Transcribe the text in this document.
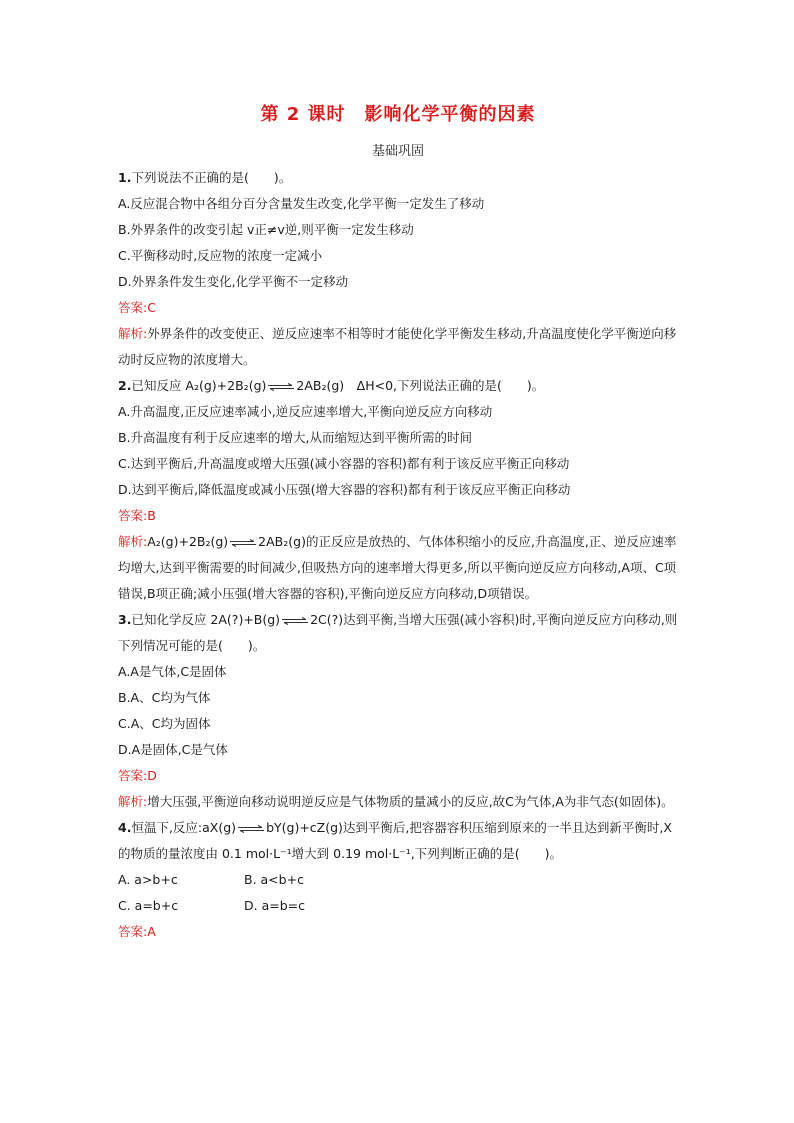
第 2 课时　影响化学平衡的因素
基础巩固
1.下列说法不正确的是(　　)。
A.反应混合物中各组分百分含量发生改变,化学平衡一定发生了移动
B.外界条件的改变引起 v正≠v逆,则平衡一定发生移动
C.平衡移动时,反应物的浓度一定减小
D.外界条件发生变化,化学平衡不一定移动
答案:C
解析:外界条件的改变使正、逆反应速率不相等时才能使化学平衡发生移动,升高温度使化学平衡逆向移动时反应物的浓度增大。
2.已知反应 A₂(g)+2B₂(g)⇌2AB₂(g)　ΔH<0,下列说法正确的是(　　)。
A.升高温度,正反应速率减小,逆反应速率增大,平衡向逆反应方向移动
B.升高温度有利于反应速率的增大,从而缩短达到平衡所需的时间
C.达到平衡后,升高温度或增大压强(减小容器的容积)都有利于该反应平衡正向移动
D.达到平衡后,降低温度或减小压强(增大容器的容积)都有利于该反应平衡正向移动
答案:B
解析:A₂(g)+2B₂(g)⇌2AB₂(g)的正反应是放热的、气体体积缩小的反应,升高温度,正、逆反应速率均增大,达到平衡需要的时间减少,但吸热方向的速率增大得更多,所以平衡向逆反应方向移动,A项、C项错误,B项正确;减小压强(增大容器的容积),平衡向逆反应方向移动,D项错误。
3.已知化学反应 2A(?)+B(g)⇌2C(?)达到平衡,当增大压强(减小容积)时,平衡向逆反应方向移动,则下列情况可能的是(　　)。
A.A是气体,C是固体
B.A、C均为气体
C.A、C均为固体
D.A是固体,C是气体
答案:D
解析:增大压强,平衡逆向移动说明逆反应是气体物质的量减小的反应,故C为气体,A为非气态(如固体)。
4.恒温下,反应:aX(g)⇌bY(g)+cZ(g)达到平衡后,把容器容积压缩到原来的一半且达到新平衡时,X的物质的量浓度由 0.1 mol·L⁻¹增大到 0.19 mol·L⁻¹,下列判断正确的是(　　)。
A. a>b+c	B. a<b+c
C. a=b+c	D. a=b=c
答案:A
